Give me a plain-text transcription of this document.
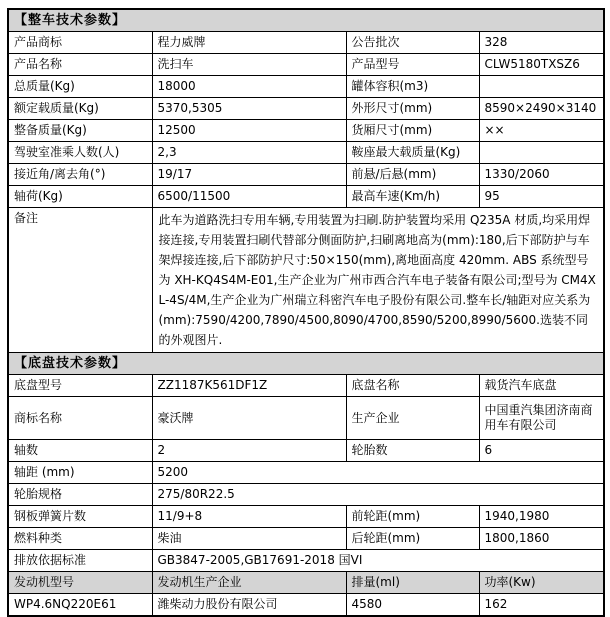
【整车技术参数】			
产品商标	程力威牌	公告批次	328
产品名称	洗扫车	产品型号	CLW5180TXSZ6
总质量(Kg)	18000	罐体容积(m3)	
额定载质量(Kg)	5370,5305	外形尺寸(mm)	8590×2490×3140
整备质量(Kg)	12500	货厢尺寸(mm)	××
驾驶室准乘人数(人)	2,3	鞍座最大载质量(Kg)	
接近角/离去角(°)	19/17	前悬/后悬(mm)	1330/2060
轴荷(Kg)	6500/11500	最高车速(Km/h)	95
备注	此车为道路洗扫专用车辆,专用装置为扫刷.防护装置均采用 Q235A 材质,均采用焊接连接,专用装置扫刷代替部分侧面防护,扫刷离地高为(mm):180,后下部防护与车架焊接连接,后下部防护尺寸:50×150(mm),离地面高度 420mm. ABS 系统型号为 XH-KQ4S4M-E01,生产企业为广州市西合汽车电子装备有限公司;型号为 CM4XL-4S/4M,生产企业为广州瑞立科密汽车电子股份有限公司.整车长/轴距对应关系为(mm):7590/4200,7890/4500,8090/4700,8590/5200,8990/5600.选装不同的外观图片.		
【底盘技术参数】			
底盘型号	ZZ1187K561DF1Z	底盘名称	载货汽车底盘
商标名称	豪沃牌	生产企业	中国重汽集团济南商用车有限公司
轴数	2	轮胎数	6
轴距 (mm)	5200		
轮胎规格	275/80R22.5		
钢板弹簧片数	11/9+8	前轮距(mm)	1940,1980
燃料种类	柴油	后轮距(mm)	1800,1860
排放依据标准	GB3847-2005,GB17691-2018 国VI		
发动机型号	发动机生产企业	排量(ml)	功率(Kw)
WP4.6NQ220E61	潍柴动力股份有限公司	4580	162
